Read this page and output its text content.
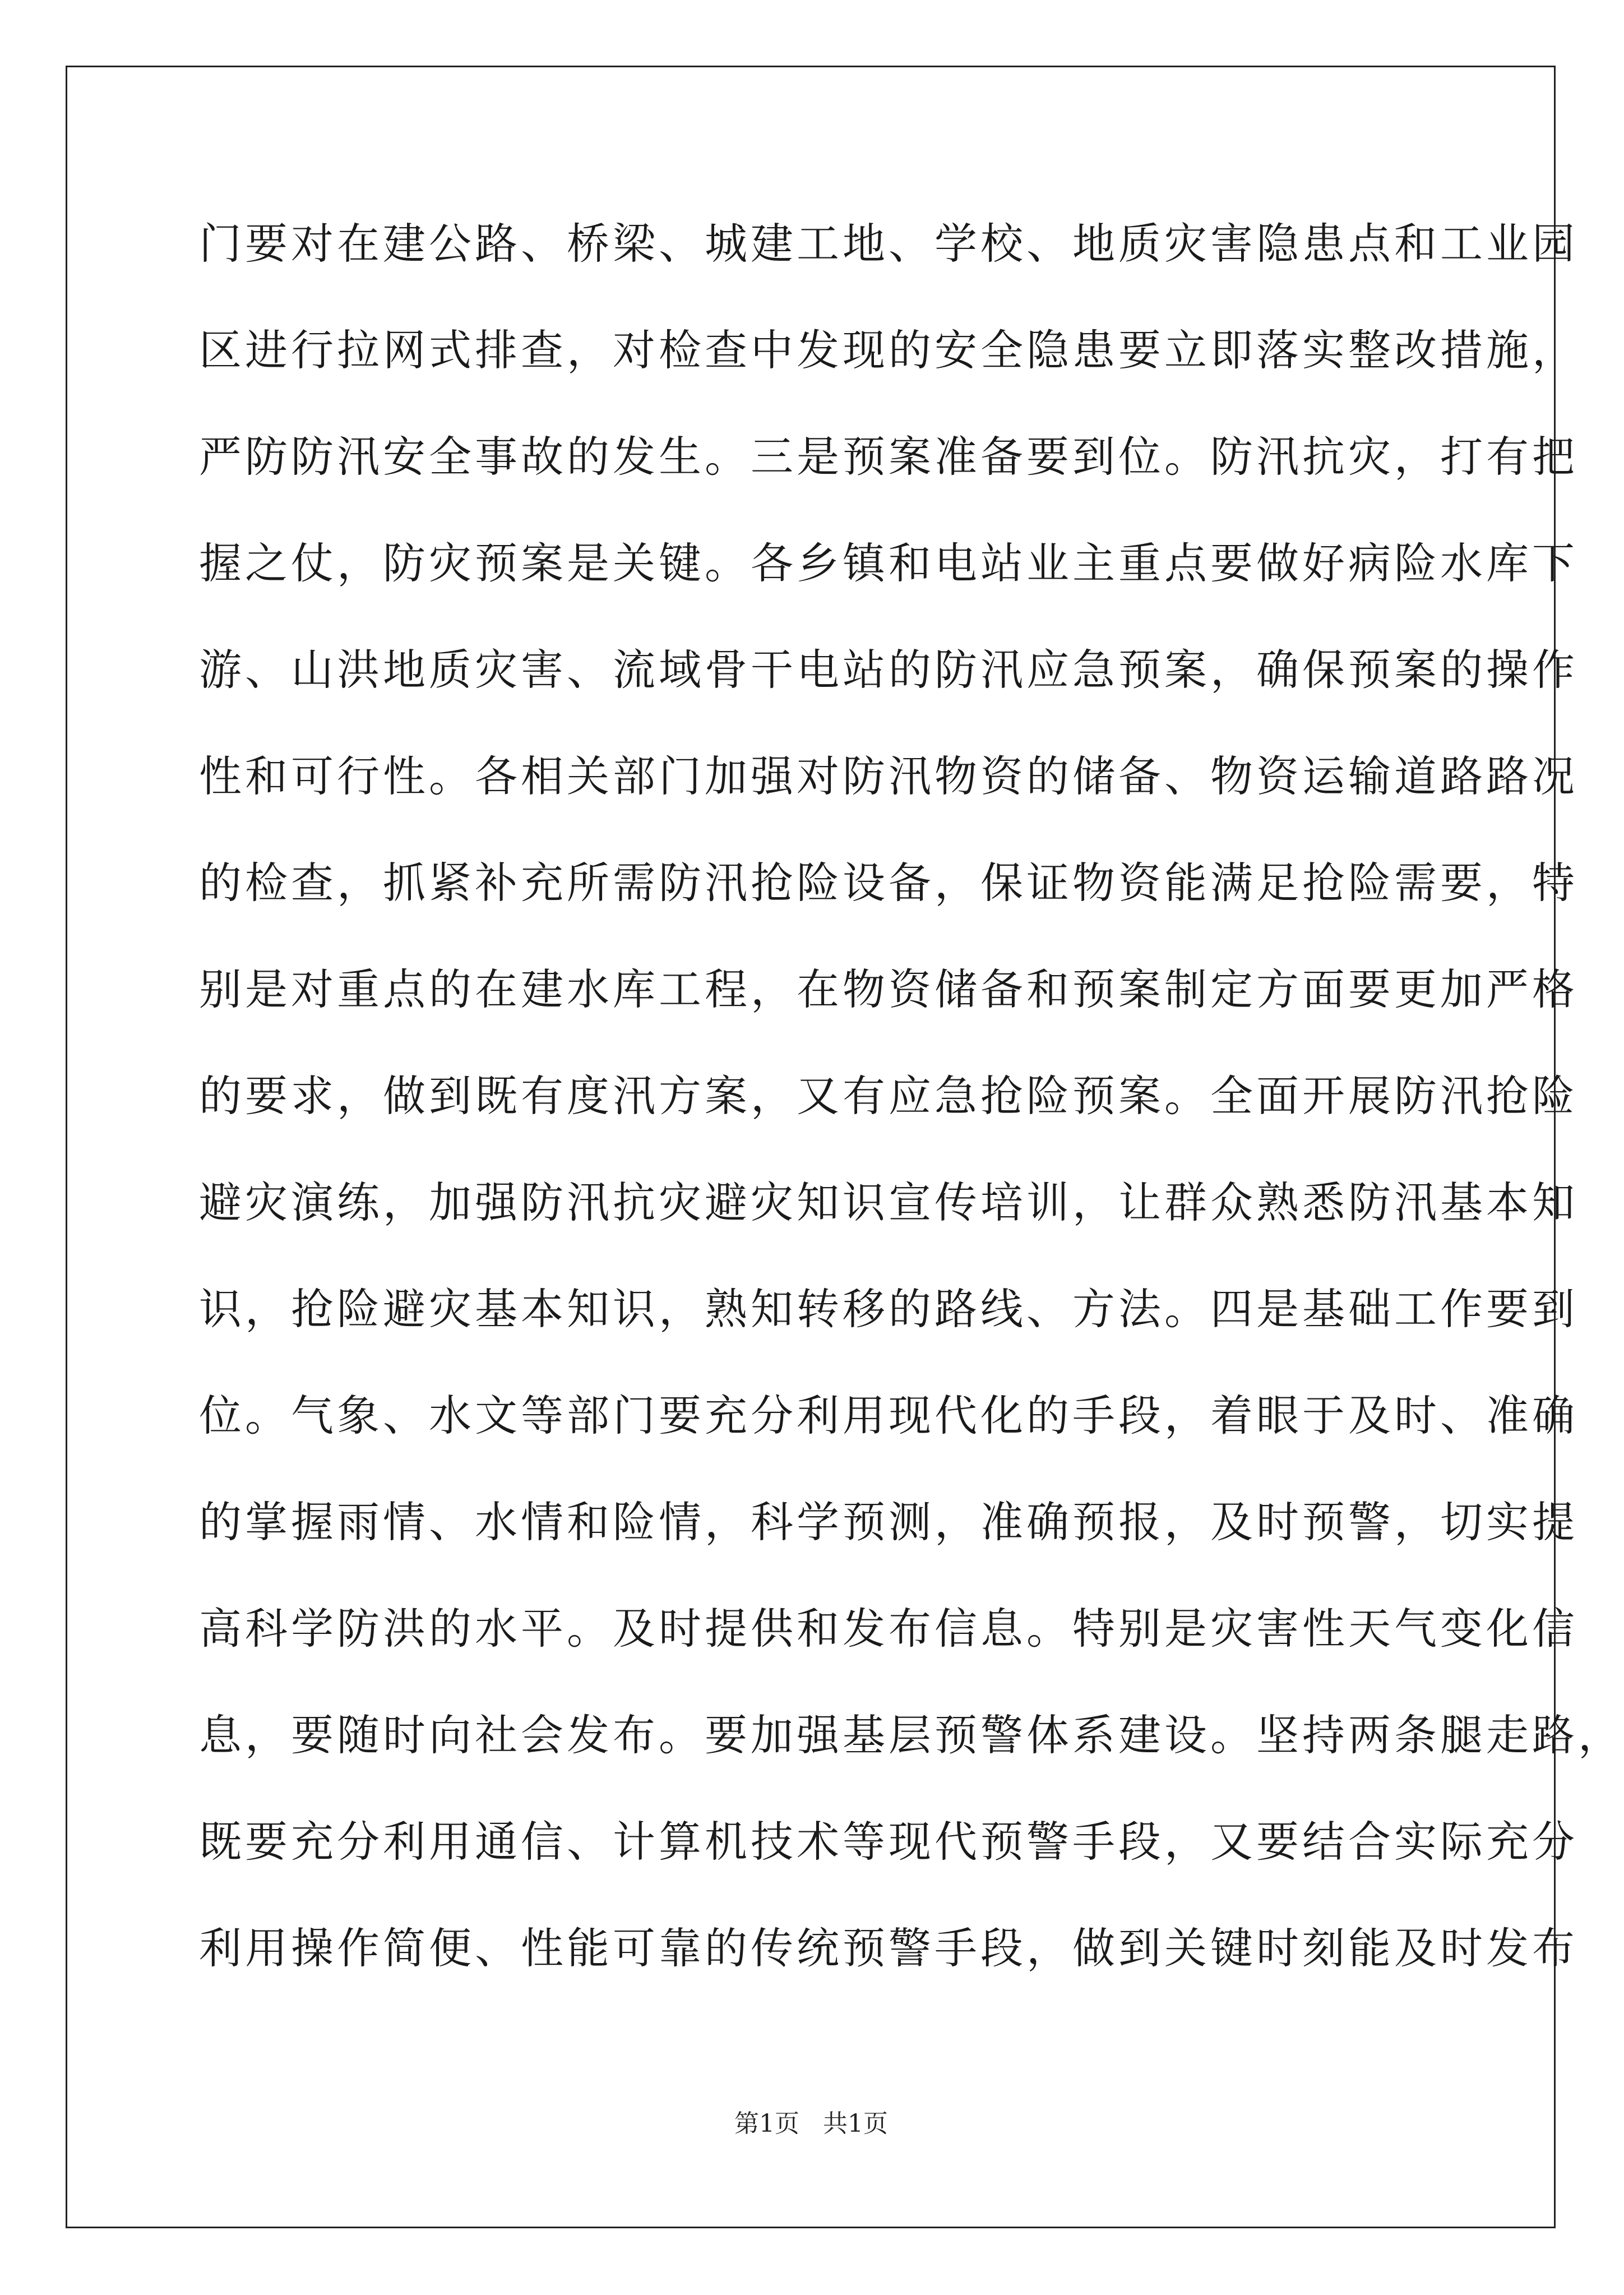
门要对在建公路、桥梁、城建工地、学校、地质灾害隐患点和工业园
区进行拉网式排查，对检查中发现的安全隐患要立即落实整改措施，
严防防汛安全事故的发生。三是预案准备要到位。防汛抗灾，打有把
握之仗，防灾预案是关键。各乡镇和电站业主重点要做好病险水库下
游、山洪地质灾害、流域骨干电站的防汛应急预案，确保预案的操作
性和可行性。各相关部门加强对防汛物资的储备、物资运输道路路况
的检查，抓紧补充所需防汛抢险设备，保证物资能满足抢险需要，特
别是对重点的在建水库工程，在物资储备和预案制定方面要更加严格
的要求，做到既有度汛方案，又有应急抢险预案。全面开展防汛抢险
避灾演练，加强防汛抗灾避灾知识宣传培训，让群众熟悉防汛基本知
识，抢险避灾基本知识，熟知转移的路线、方法。四是基础工作要到
位。气象、水文等部门要充分利用现代化的手段，着眼于及时、准确
的掌握雨情、水情和险情，科学预测，准确预报，及时预警，切实提
高科学防洪的水平。及时提供和发布信息。特别是灾害性天气变化信
息，要随时向社会发布。要加强基层预警体系建设。坚持两条腿走路，
既要充分利用通信、计算机技术等现代预警手段，又要结合实际充分
利用操作简便、性能可靠的传统预警手段，做到关键时刻能及时发布
第1页   共1页
